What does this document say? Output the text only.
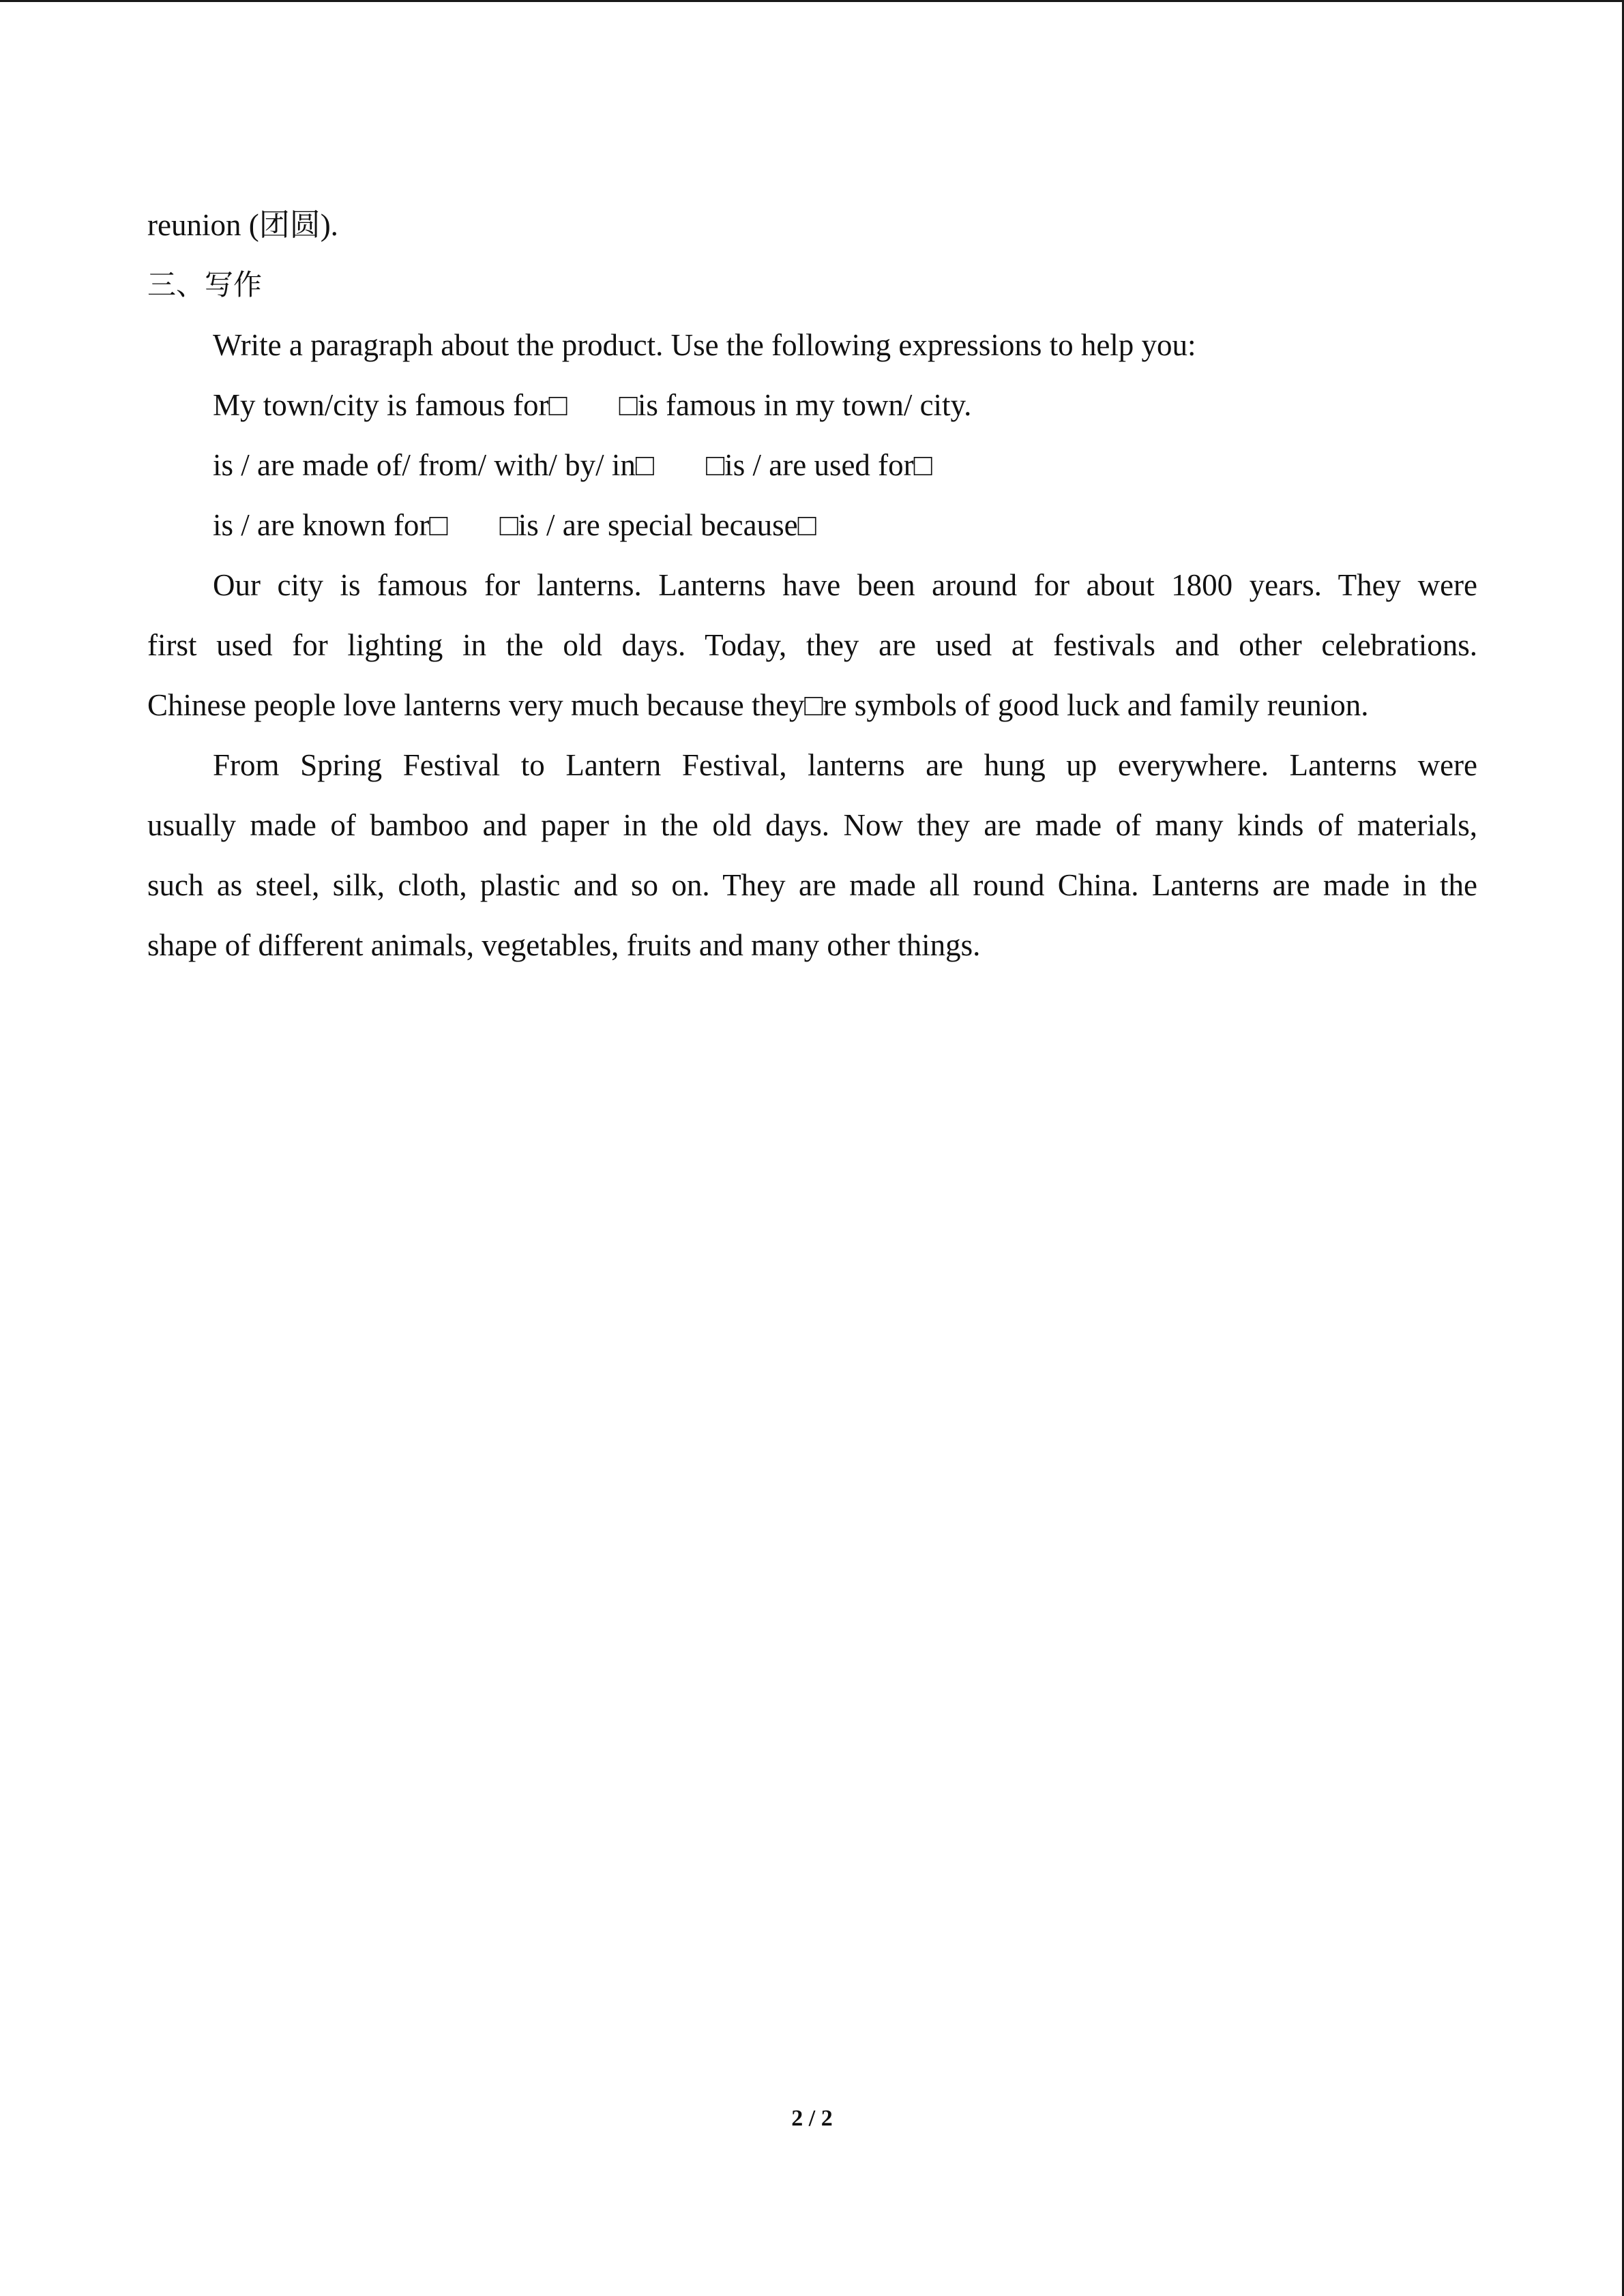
reunion (团圆).
三、写作
Write a paragraph about the product. Use the following expressions to help you:
My town/city is famous for□ □is famous in my town/ city.
is / are made of/ from/ with/ by/ in□ □is / are used for□
is / are known for□ □is / are special because□
Our city is famous for lanterns. Lanterns have been around for about 1800 years. They were
first used for lighting in the old days. Today, they are used at festivals and other celebrations.
Chinese people love lanterns very much because they□re symbols of good luck and family reunion.
From Spring Festival to Lantern Festival, lanterns are hung up everywhere. Lanterns were
usually made of bamboo and paper in the old days. Now they are made of many kinds of materials,
such as steel, silk, cloth, plastic and so on. They are made all round China. Lanterns are made in the
shape of different animals, vegetables, fruits and many other things.
2 / 2
